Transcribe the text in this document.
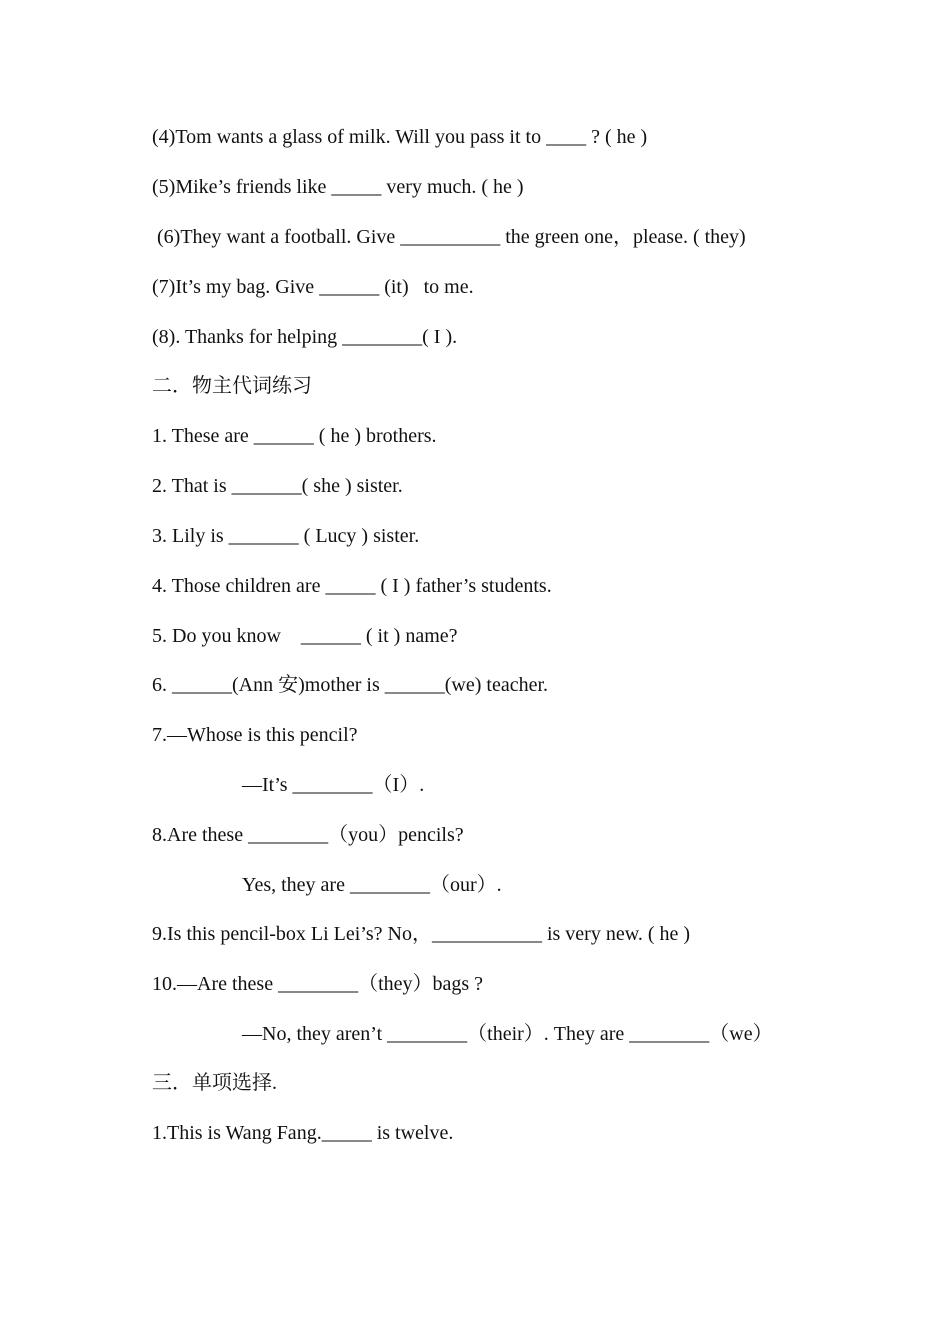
(4)Tom wants a glass of milk. Will you pass it to ____ ? ( he )
(5)Mike’s friends like _____ very much. ( he )
(6)They want a football. Give __________ the green one，please. ( they)
(7)It’s my bag. Give ______ (it)   to me.
(8). Thanks for helping ________( I ).
二．物主代词练习
1. These are ______ ( he ) brothers.
2. That is _______( she ) sister.
3. Lily is _______ ( Lucy ) sister.
4. Those children are _____ ( I ) father’s students.
5. Do you know    ______ ( it ) name?
6. ______(Ann 安)mother is ______(we) teacher.
7.—Whose is this pencil?
—It’s ________（I）.
8.Are these ________（you）pencils?
Yes, they are ________（our）.
9.Is this pencil-box Li Lei’s? No，___________ is very new. ( he )
10.—Are these ________（they）bags ?
—No, they aren’t ________（their）. They are ________（we）
三．单项选择.
1.This is Wang Fang._____ is twelve.
